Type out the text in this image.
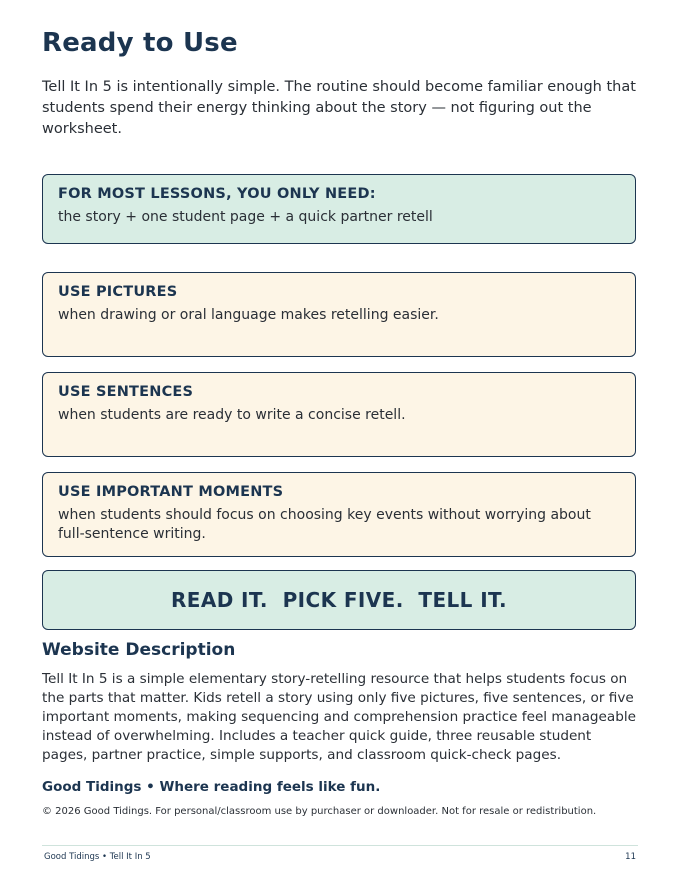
Ready to Use

Tell It In 5 is intentionally simple. The routine should become familiar enough that students spend their energy thinking about the story — not figuring out the worksheet.

FOR MOST LESSONS, YOU ONLY NEED:

the story + one student page + a quick partner retell

USE PICTURES

when drawing or oral language makes retelling easier.

USE SENTENCES

when students are ready to write a concise retell.

USE IMPORTANT MOMENTS

when students should focus on choosing key events without worrying about full-sentence writing.

READ IT.  PICK FIVE.  TELL IT.
Website Description

Tell It In 5 is a simple elementary story-retelling resource that helps students focus on the parts that matter. Kids retell a story using only five pictures, five sentences, or five important moments, making sequencing and comprehension practice feel manageable instead of overwhelming. Includes a teacher quick guide, three reusable student pages, partner practice, simple supports, and classroom quick-check pages.

Good Tidings • Where reading feels like fun.

© 2026 Good Tidings. For personal/classroom use by purchaser or downloader. Not for resale or redistribution.

Good Tidings • Tell It In 5	11
